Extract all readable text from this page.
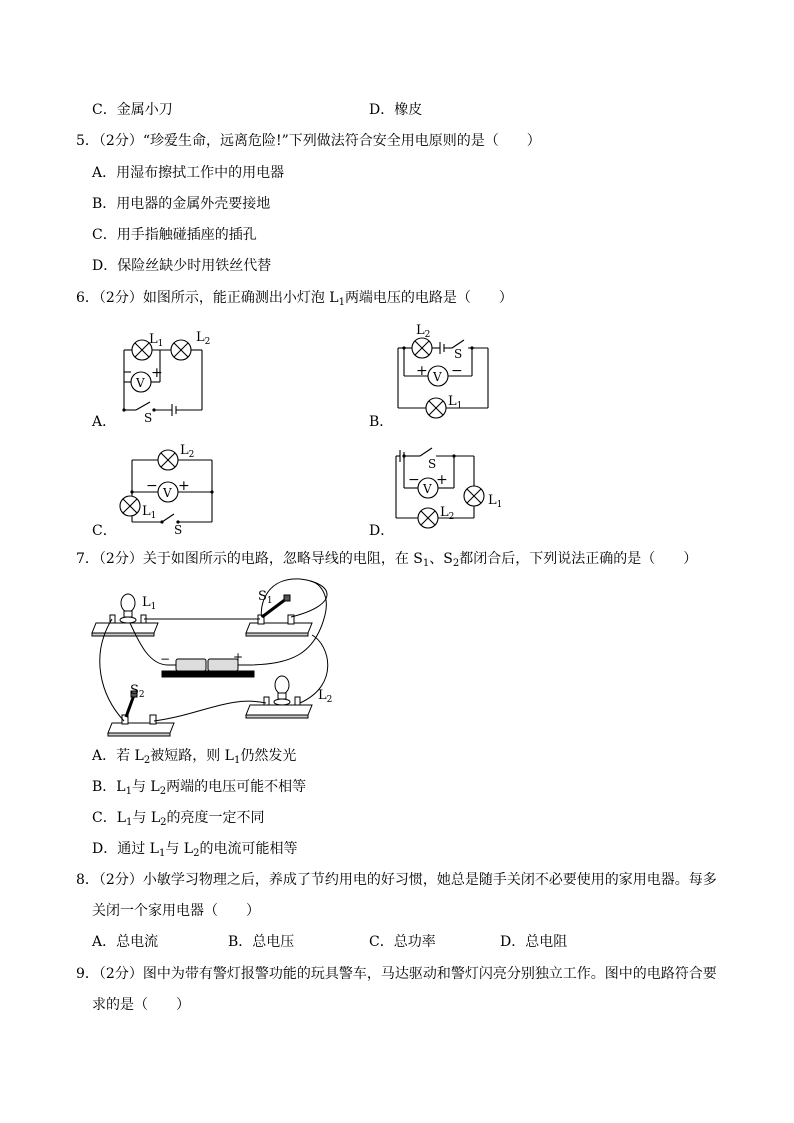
C．金属小刀	D．橡皮
5．（2分）“珍爱生命，远离危险!”下列做法符合安全用电原则的是（　　）
A．用湿布擦拭工作中的用电器
B．用电器的金属外壳要接地
C．用手指触碰插座的插孔
D．保险丝缺少时用铁丝代替
6．（2分）如图所示，能正确测出小灯泡 $L_1$两端电压的电路是（　　）
A．
$L_1$	$L_2$
V
+
S	B．
$L_2$
S
V
+ −
$L_1$
C．
$L_2$
V
− +
$L_1$
S	D．
S
V
− +
$L_1$
$L_2$
7．（2分）关于如图所示的电路，忽略导线的电阻，在 $S_1$、$S_2$都闭合后，下列说法正确的是（　　）
$L_1$
$S_1$
$S_2$	$L_2$
−	+
A．若 $L_2$被短路，则 $L_1$仍然发光
B．$L_1$与 $L_2$两端的电压可能不相等
C．$L_1$与 $L_2$的亮度一定不同
D．通过 $L_1$与 $L_2$的电流可能相等
8．（2分）小敏学习物理之后，养成了节约用电的好习惯，她总是随手关闭不必要使用的家用电器。每多
关闭一个家用电器（　　）
A．总电流	B．总电压	C．总功率	D．总电阻
9．（2分）图中为带有警灯报警功能的玩具警车，马达驱动和警灯闪亮分别独立工作。图中的电路符合要
求的是（　　）
